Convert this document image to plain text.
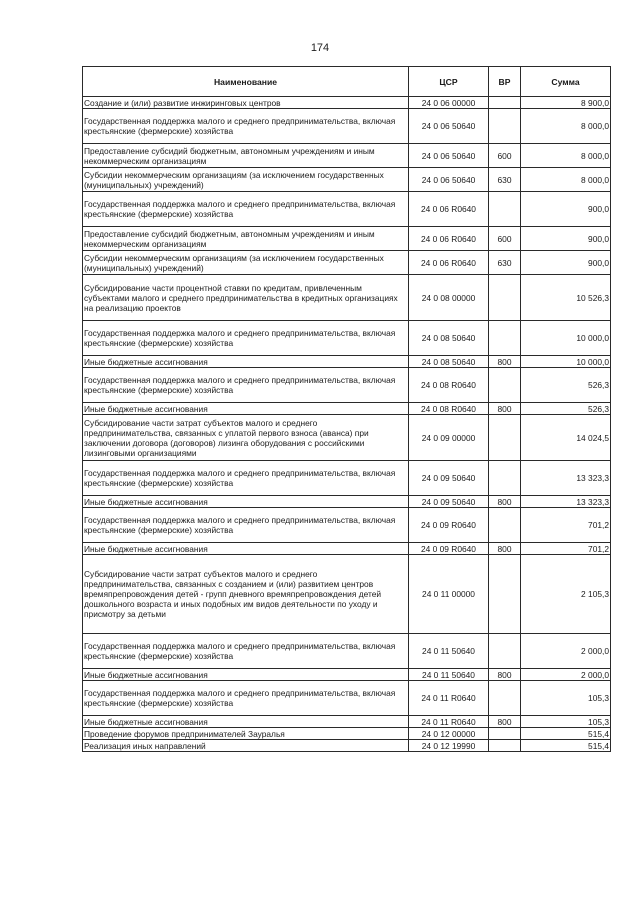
174
Наименование	ЦСР	ВР	Сумма
Создание и (или) развитие инжиринговых центров	24 0 06 00000		8 900,0
Государственная поддержка малого и среднего предпринимательства, включая крестьянские (фермерские) хозяйства	24 0 06 50640		8 000,0
Предоставление субсидий бюджетным, автономным учреждениям и иным некоммерческим организациям	24 0 06 50640	600	8 000,0
Субсидии некоммерческим организациям (за исключением государственных (муниципальных) учреждений)	24 0 06 50640	630	8 000,0
Государственная поддержка малого и среднего предпринимательства, включая крестьянские (фермерские) хозяйства	24 0 06 R0640		900,0
Предоставление субсидий бюджетным, автономным учреждениям и иным некоммерческим организациям	24 0 06 R0640	600	900,0
Субсидии некоммерческим организациям (за исключением государственных (муниципальных) учреждений)	24 0 06 R0640	630	900,0
Субсидирование части процентной ставки по кредитам, привлеченным субъектами малого и среднего предпринимательства в кредитных организациях на реализацию проектов	24 0 08 00000		10 526,3
Государственная поддержка малого и среднего предпринимательства, включая крестьянские (фермерские) хозяйства	24 0 08 50640		10 000,0
Иные бюджетные ассигнования	24 0 08 50640	800	10 000,0
Государственная поддержка малого и среднего предпринимательства, включая крестьянские (фермерские) хозяйства	24 0 08 R0640		526,3
Иные бюджетные ассигнования	24 0 08 R0640	800	526,3
Субсидирование части затрат субъектов малого и среднего предпринимательства, связанных с уплатой первого взноса (аванса) при заключении договора (договоров) лизинга оборудования с российскими лизинговыми организациями	24 0 09 00000		14 024,5
Государственная поддержка малого и среднего предпринимательства, включая крестьянские (фермерские) хозяйства	24 0 09 50640		13 323,3
Иные бюджетные ассигнования	24 0 09 50640	800	13 323,3
Государственная поддержка малого и среднего предпринимательства, включая крестьянские (фермерские) хозяйства	24 0 09 R0640		701,2
Иные бюджетные ассигнования	24 0 09 R0640	800	701,2
Субсидирование части затрат субъектов малого и среднего предпринимательства, связанных с созданием и (или) развитием центров времяпрепровождения детей - групп дневного времяпрепровождения детей дошкольного возраста и иных подобных им видов деятельности по уходу и присмотру за детьми	24 0 11 00000		2 105,3
Государственная поддержка малого и среднего предпринимательства, включая крестьянские (фермерские) хозяйства	24 0 11 50640		2 000,0
Иные бюджетные ассигнования	24 0 11 50640	800	2 000,0
Государственная поддержка малого и среднего предпринимательства, включая крестьянские (фермерские) хозяйства	24 0 11 R0640		105,3
Иные бюджетные ассигнования	24 0 11 R0640	800	105,3
Проведение форумов предпринимателей Зауралья	24 0 12 00000		515,4
Реализация иных направлений	24 0 12 19990		515,4
